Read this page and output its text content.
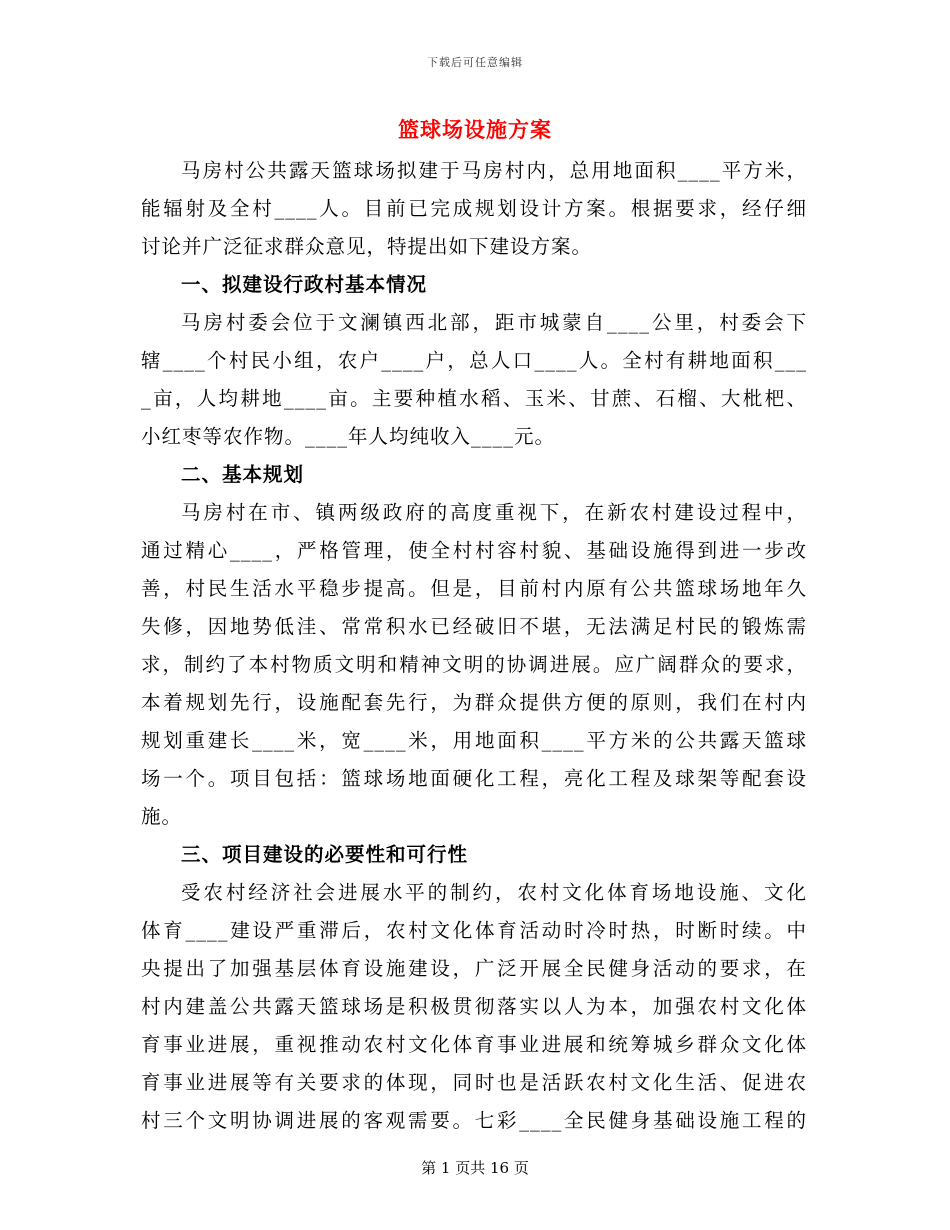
下载后可任意编辑
篮球场设施方案
马房村公共露天篮球场拟建于马房村内，总用地面积____平方米，
能辐射及全村____人。目前已完成规划设计方案。根据要求，经仔细
讨论并广泛征求群众意见，特提出如下建设方案。
一、拟建设行政村基本情况
马房村委会位于文澜镇西北部，距市城蒙自____公里，村委会下
辖____个村民小组，农户____户，总人口____人。全村有耕地面积___
_亩，人均耕地____亩。主要种植水稻、玉米、甘蔗、石榴、大枇杷、
小红枣等农作物。____年人均纯收入____元。
二、基本规划
马房村在市、镇两级政府的高度重视下，在新农村建设过程中，
通过精心____，严格管理，使全村村容村貌、基础设施得到进一步改
善，村民生活水平稳步提高。但是，目前村内原有公共篮球场地年久
失修，因地势低洼、常常积水已经破旧不堪，无法满足村民的锻炼需
求，制约了本村物质文明和精神文明的协调进展。应广阔群众的要求，
本着规划先行，设施配套先行，为群众提供方便的原则，我们在村内
规划重建长____米，宽____米，用地面积____平方米的公共露天篮球
场一个。项目包括：篮球场地面硬化工程，亮化工程及球架等配套设
施。
三、项目建设的必要性和可行性
受农村经济社会进展水平的制约，农村文化体育场地设施、文化
体育____建设严重滞后，农村文化体育活动时冷时热，时断时续。中
央提出了加强基层体育设施建设，广泛开展全民健身活动的要求，在
村内建盖公共露天篮球场是积极贯彻落实以人为本，加强农村文化体
育事业进展，重视推动农村文化体育事业进展和统筹城乡群众文化体
育事业进展等有关要求的体现，同时也是活跃农村文化生活、促进农
村三个文明协调进展的客观需要。七彩____全民健身基础设施工程的
第 1 页共 16 页
